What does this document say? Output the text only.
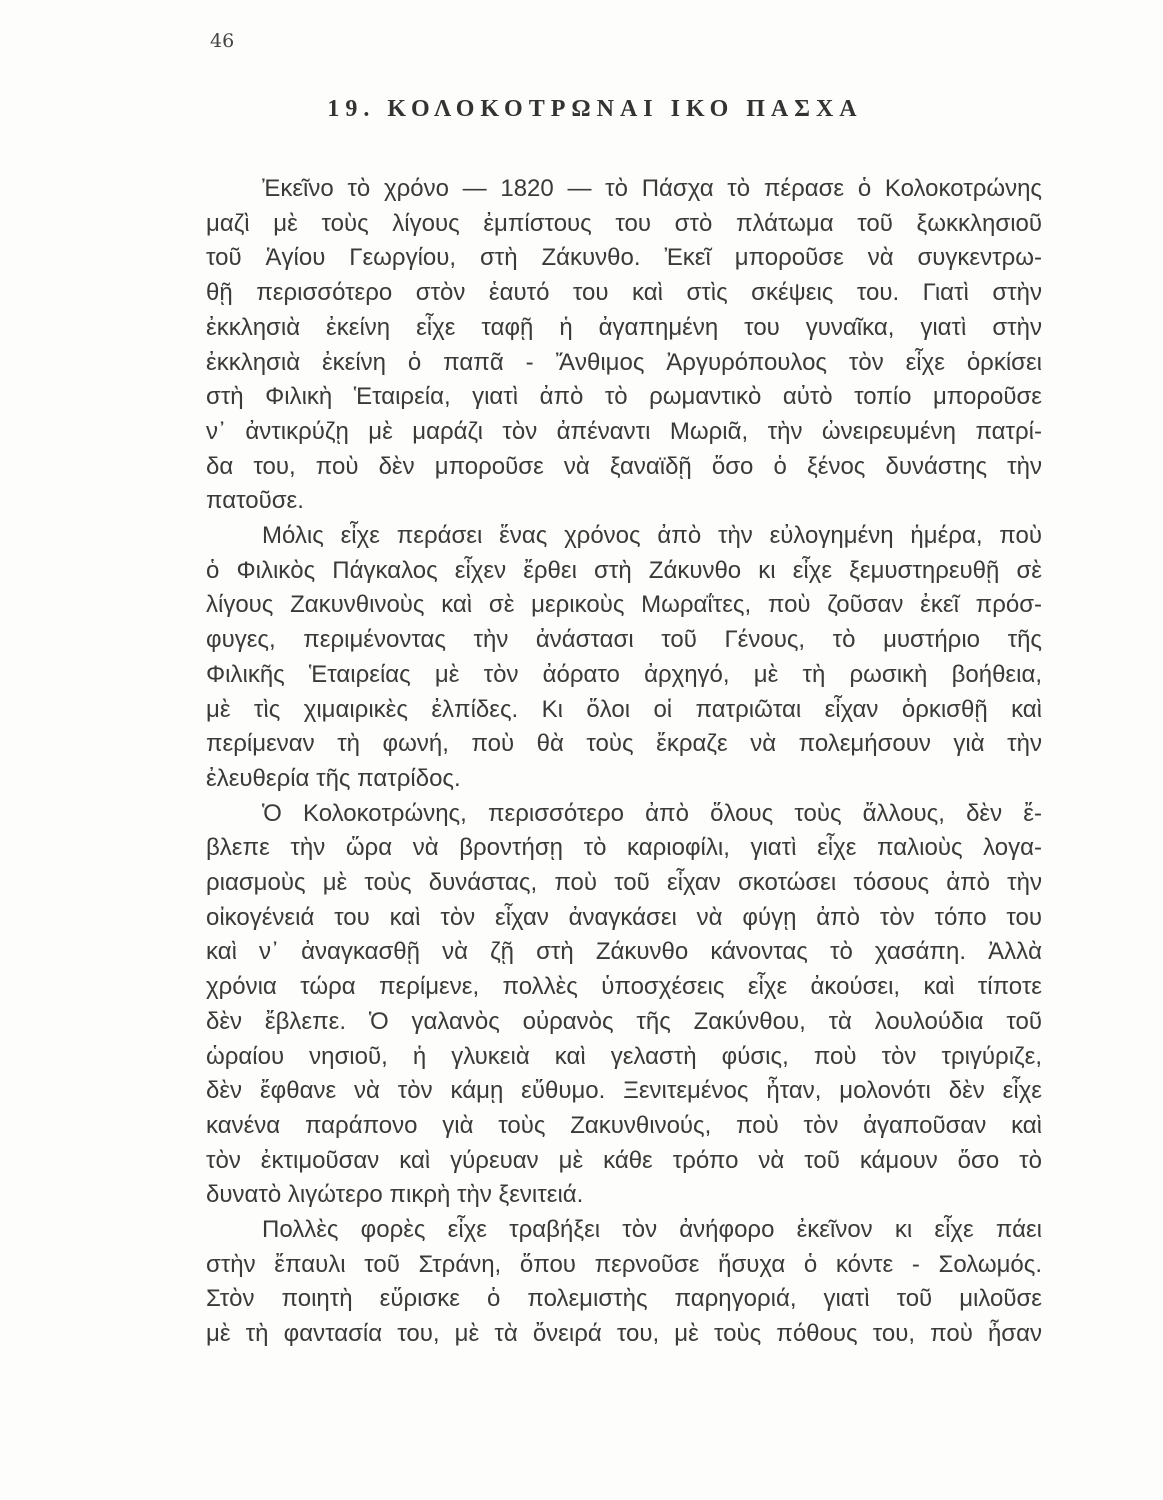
46
19. ΚΟΛΟΚΟΤΡΩΝΑΙ ΙΚΟ ΠΑΣΧΑ
Ἐκεῖνο τὸ χρόνο — 1820 — τὸ Πάσχα τὸ πέρασε ὁ Κολοκοτρώνης
μαζὶ μὲ τοὺς λίγους ἐμπίστους του στὸ πλάτωμα τοῦ ξωκκλησιοῦ
τοῦ Ἁγίου Γεωργίου, στὴ Ζάκυνθο. Ἐκεῖ μποροῦσε νὰ συγκεντρω-
θῇ περισσότερο στὸν ἑαυτό του καὶ στὶς σκέψεις του. Γιατὶ στὴν
ἐκκλησιὰ ἐκείνη εἶχε ταφῇ ἡ ἀγαπημένη του γυναῖκα, γιατὶ στὴν
ἐκκλησιὰ ἐκείνη ὁ παπᾶ - Ἄνθιμος Ἀργυρόπουλος τὸν εἶχε ὁρκίσει
στὴ Φιλικὴ Ἑταιρεία, γιατὶ ἀπὸ τὸ ρωμαντικὸ αὐτὸ τοπίο μποροῦσε
ν᾽ ἀντικρύζῃ μὲ μαράζι τὸν ἀπέναντι Μωριᾶ, τὴν ὠνειρευμένη πατρί-
δα του, ποὺ δὲν μποροῦσε νὰ ξαναϊδῇ ὅσο ὁ ξένος δυνάστης τὴν
πατοῦσε.
Μόλις εἶχε περάσει ἕνας χρόνος ἀπὸ τὴν εὐλογημένη ἡμέρα, ποὺ
ὁ Φιλικὸς Πάγκαλος εἶχεν ἔρθει στὴ Ζάκυνθο κι εἶχε ξεμυστηρευθῇ σὲ
λίγους Ζακυνθινοὺς καὶ σὲ μερικοὺς Μωραΐτες, ποὺ ζοῦσαν ἐκεῖ πρόσ-
φυγες, περιμένοντας τὴν ἀνάστασι τοῦ Γένους, τὸ μυστήριο τῆς
Φιλικῆς Ἑταιρείας μὲ τὸν ἀόρατο ἀρχηγό, μὲ τὴ ρωσικὴ βοήθεια,
μὲ τὶς χιμαιρικὲς ἐλπίδες. Κι ὅλοι οἱ πατριῶται εἶχαν ὁρκισθῇ καὶ
περίμεναν τὴ φωνή, ποὺ θὰ τοὺς ἔκραζε νὰ πολεμήσουν γιὰ τὴν
ἐλευθερία τῆς πατρίδος.
Ὁ Κολοκοτρώνης, περισσότερο ἀπὸ ὅλους τοὺς ἄλλους, δὲν ἔ-
βλεπε τὴν ὥρα νὰ βροντήσῃ τὸ καριοφίλι, γιατὶ εἶχε παλιοὺς λογα-
ριασμοὺς μὲ τοὺς δυνάστας, ποὺ τοῦ εἶχαν σκοτώσει τόσους ἀπὸ τὴν
οἰκογένειά του καὶ τὸν εἶχαν ἀναγκάσει νὰ φύγῃ ἀπὸ τὸν τόπο του
καὶ ν᾽ ἀναγκασθῇ νὰ ζῇ στὴ Ζάκυνθο κάνοντας τὸ χασάπη. Ἀλλὰ
χρόνια τώρα περίμενε, πολλὲς ὑποσχέσεις εἶχε ἀκούσει, καὶ τίποτε
δὲν ἔβλεπε. Ὁ γαλανὸς οὐρανὸς τῆς Ζακύνθου, τὰ λουλούδια τοῦ
ὡραίου νησιοῦ, ἡ γλυκειὰ καὶ γελαστὴ φύσις, ποὺ τὸν τριγύριζε,
δὲν ἔφθανε νὰ τὸν κάμῃ εὔθυμο. Ξενιτεμένος ἦταν, μολονότι δὲν εἶχε
κανένα παράπονο γιὰ τοὺς Ζακυνθινούς, ποὺ τὸν ἀγαποῦσαν καὶ
τὸν ἐκτιμοῦσαν καὶ γύρευαν μὲ κάθε τρόπο νὰ τοῦ κάμουν ὅσο τὸ
δυνατὸ λιγώτερο πικρὴ τὴν ξενιτειά.
Πολλὲς φορὲς εἶχε τραβήξει τὸν ἀνήφορο ἐκεῖνον κι εἶχε πάει
στὴν ἔπαυλι τοῦ Στράνη, ὅπου περνοῦσε ἥσυχα ὁ κόντε - Σολωμός.
Στὸν ποιητὴ εὕρισκε ὁ πολεμιστὴς παρηγοριά, γιατὶ τοῦ μιλοῦσε
μὲ τὴ φαντασία του, μὲ τὰ ὄνειρά του, μὲ τοὺς πόθους του, ποὺ ἦσαν
